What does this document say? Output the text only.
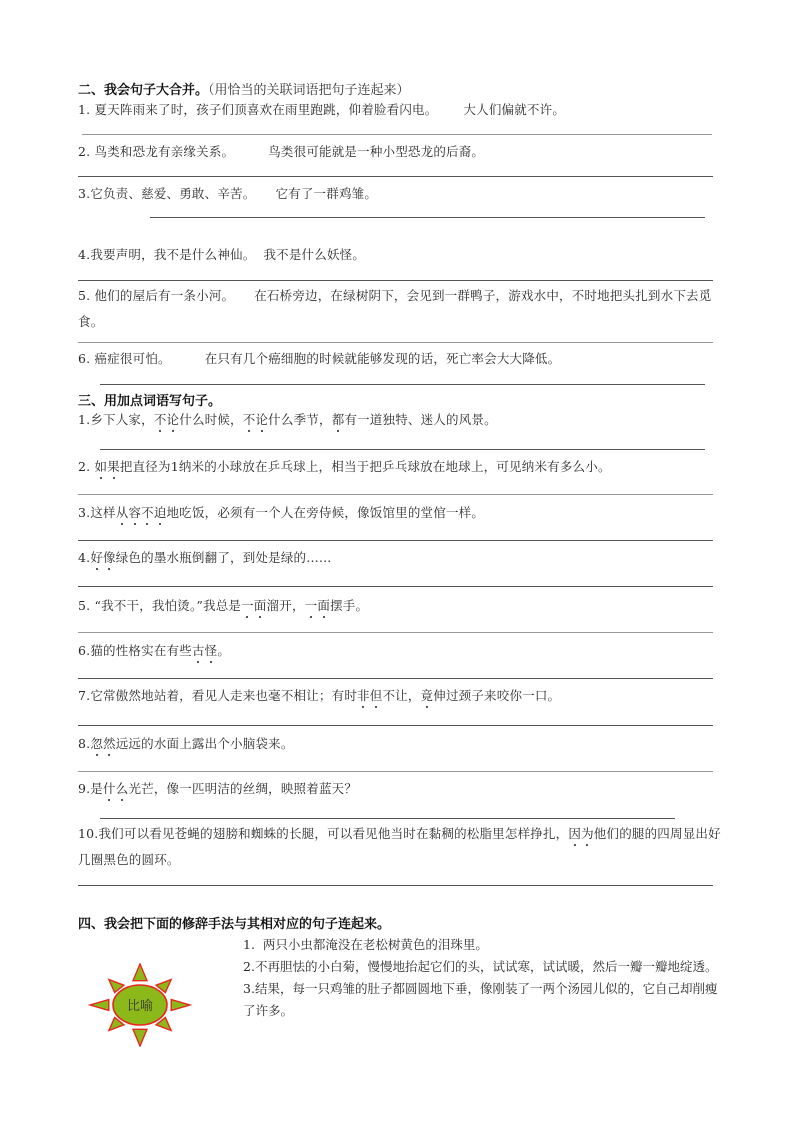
二、我会句子大合并。（用恰当的关联词语把句子连起来）
1. 夏天阵雨来了时，孩子们顶喜欢在雨里跑跳，仰着脸看闪电。 大人们偏就不许。
2. 鸟类和恐龙有亲缘关系。	鸟类很可能就是一种小型恐龙的后裔。
3.它负责、慈爱、勇敢、辛苦。 它有了一群鸡雏。
4.我要声明，我不是什么神仙。 我不是什么妖怪。
5. 他们的屋后有一条小河。 在石桥旁边，在绿树阴下，会见到一群鸭子，游戏水中，不时地把头扎到水下去觅食。
6. 癌症很可怕。	在只有几个癌细胞的时候就能够发现的话，死亡率会大大降低。
三、用加点词语写句子。
1.乡下人家，不论什么时候，不论什么季节，都有一道独特、迷人的风景。
2. 如果把直径为1纳米的小球放在乒乓球上，相当于把乒乓球放在地球上，可见纳米有多么小。
3.这样从容不迫地吃饭，必须有一个人在旁侍候，像饭馆里的堂倌一样。
4.好像绿色的墨水瓶倒翻了，到处是绿的……
5. “我不干，我怕烫。”我总是一面溜开，一面摆手。
6.猫的性格实在有些古怪。
7.它常傲然地站着，看见人走来也毫不相让；有时非但不让，竟伸过颈子来咬你一口。
8.忽然远远的水面上露出个小脑袋来。
9.是什么光芒，像一匹明洁的丝绸，映照着蓝天？
10.我们可以看见苍蝇的翅膀和蜘蛛的长腿，可以看见他当时在黏稠的松脂里怎样挣扎，因为他们的腿的四周显出好几圈黑色的圆环。
四、我会把下面的修辞手法与其相对应的句子连起来。
比喻
1. 两只小虫都淹没在老松树黄色的泪珠里。
2.不再胆怯的小白菊，慢慢地抬起它们的头，试试寒，试试暖，然后一瓣一瓣地绽透。
3.结果，每一只鸡雏的肚子都圆圆地下垂，像刚装了一两个汤园儿似的，它自己却削瘦了许多。
